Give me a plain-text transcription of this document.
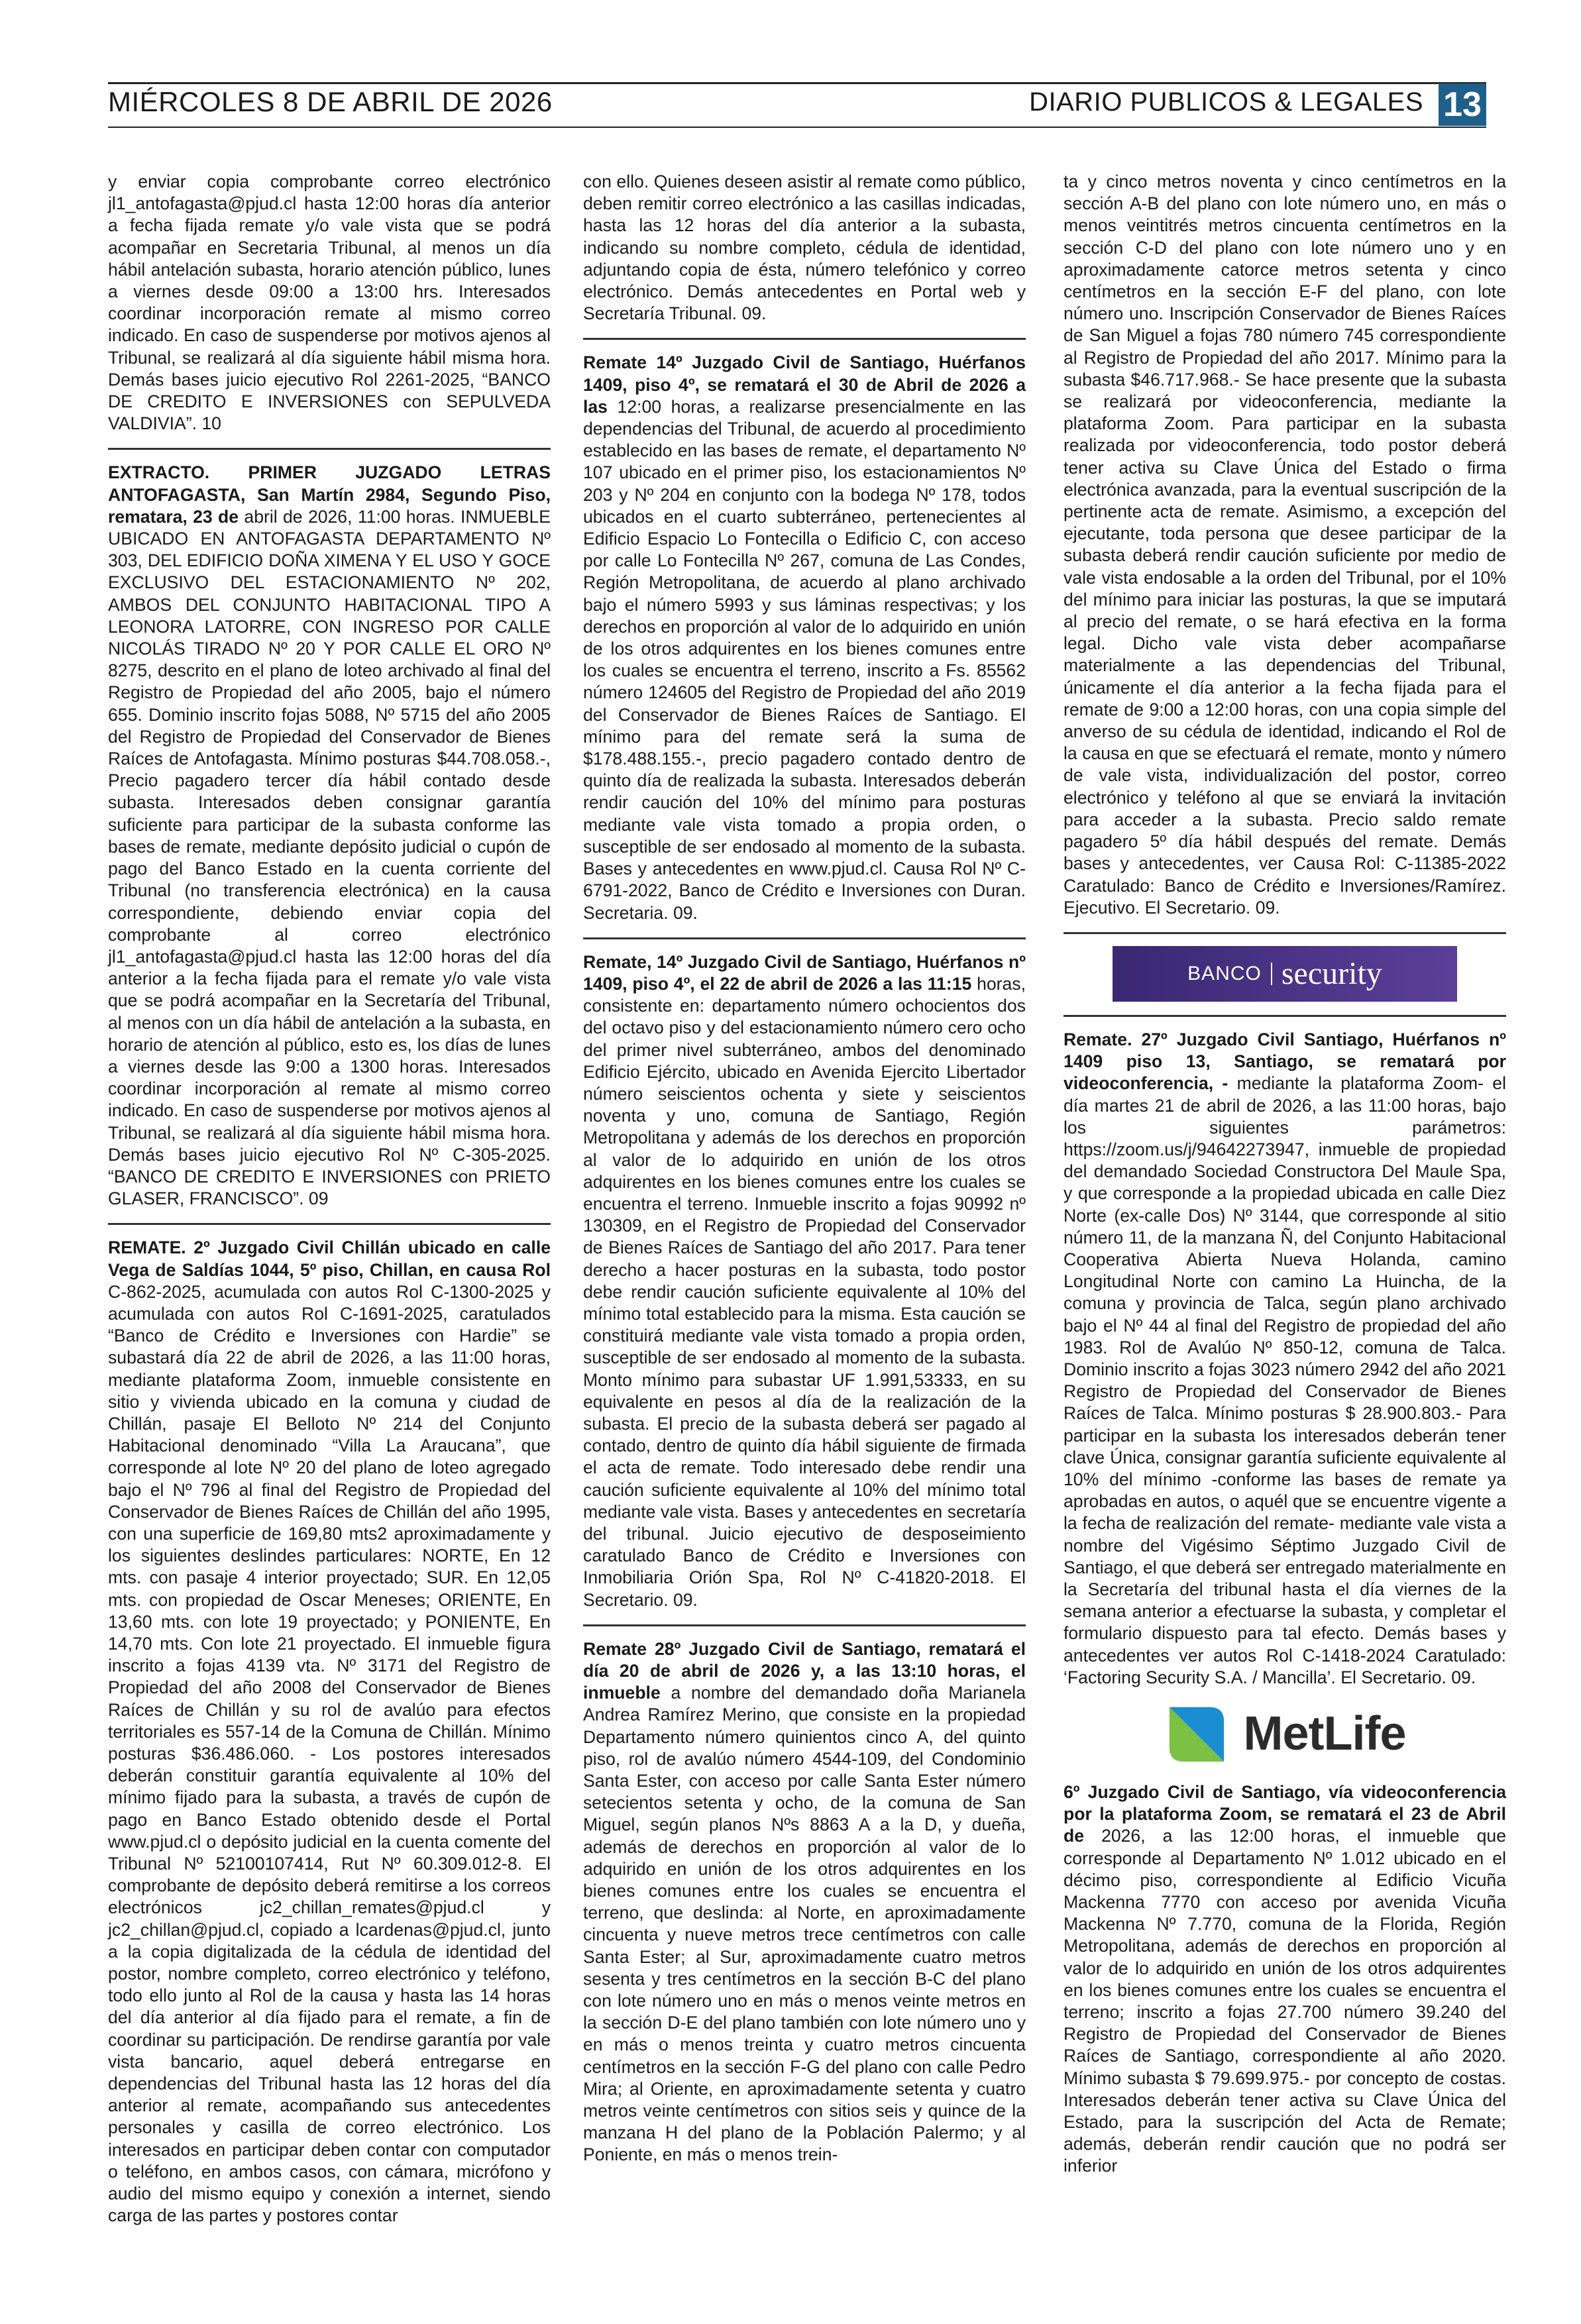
MIÉRCOLES 8 DE ABRIL DE 2026	DIARIO PUBLICOS & LEGALES 13

y enviar copia comprobante correo electrónico jl1_antofagasta@pjud.cl hasta 12:00 horas día anterior a fecha fijada remate y/o vale vista que se podrá acompañar en Secretaria Tribunal, al menos un día hábil antelación subasta, horario atención público, lunes a viernes desde 09:00 a 13:00 hrs. Interesados coordinar incorporación remate al mismo correo indicado. En caso de suspenderse por motivos ajenos al Tribunal, se realizará al día siguiente hábil misma hora. Demás bases juicio ejecutivo Rol 2261-2025, “BANCO DE CREDITO E INVERSIONES con SEPULVEDA VALDIVIA”. 10

EXTRACTO. PRIMER JUZGADO LETRAS ANTOFAGASTA, San Martín 2984, Segundo Piso, rematara, 23 de abril de 2026, 11:00 horas. INMUEBLE UBICADO EN ANTOFAGASTA DEPARTAMENTO Nº 303, DEL EDIFICIO DOÑA XIMENA Y EL USO Y GOCE EXCLUSIVO DEL ESTACIONAMIENTO Nº 202, AMBOS DEL CONJUNTO HABITACIONAL TIPO A LEONORA LATORRE, CON INGRESO POR CALLE NICOLÁS TIRADO Nº 20 Y POR CALLE EL ORO Nº 8275, descrito en el plano de loteo archivado al final del Registro de Propiedad del año 2005, bajo el número 655. Dominio inscrito fojas 5088, Nº 5715 del año 2005 del Registro de Propiedad del Conservador de Bienes Raíces de Antofagasta. Mínimo posturas $44.708.058.-, Precio pagadero tercer día hábil contado desde subasta. Interesados deben consignar garantía suficiente para participar de la subasta conforme las bases de remate, mediante depósito judicial o cupón de pago del Banco Estado en la cuenta corriente del Tribunal (no transferencia electrónica) en la causa correspondiente, debiendo enviar copia del comprobante al correo electrónico jl1_antofagasta@pjud.cl hasta las 12:00 horas del día anterior a la fecha fijada para el remate y/o vale vista que se podrá acompañar en la Secretaría del Tribunal, al menos con un día hábil de antelación a la subasta, en horario de atención al público, esto es, los días de lunes a viernes desde las 9:00 a 1300 horas. Interesados coordinar incorporación al remate al mismo correo indicado. En caso de suspenderse por motivos ajenos al Tribunal, se realizará al día siguiente hábil misma hora. Demás bases juicio ejecutivo Rol Nº C-305-2025. “BANCO DE CREDITO E INVERSIONES con PRIETO GLASER, FRANCISCO”. 09

REMATE. 2º Juzgado Civil Chillán ubicado en calle Vega de Saldías 1044, 5º piso, Chillan, en causa Rol C-862-2025, acumulada con autos Rol C-1300-2025 y acumulada con autos Rol C-1691-2025, caratulados “Banco de Crédito e Inversiones con Hardie” se subastará día 22 de abril de 2026, a las 11:00 horas, mediante plataforma Zoom, inmueble consistente en sitio y vivienda ubicado en la comuna y ciudad de Chillán, pasaje El Belloto Nº 214 del Conjunto Habitacional denominado “Villa La Araucana”, que corresponde al lote Nº 20 del plano de loteo agregado bajo el Nº 796 al final del Registro de Propiedad del Conservador de Bienes Raíces de Chillán del año 1995, con una superficie de 169,80 mts2 aproximadamente y los siguientes deslindes particulares: NORTE, En 12 mts. con pasaje 4 interior proyectado; SUR. En 12,05 mts. con propiedad de Oscar Meneses; ORIENTE, En 13,60 mts. con lote 19 proyectado; y PONIENTE, En 14,70 mts. Con lote 21 proyectado. El inmueble figura inscrito a fojas 4139 vta. Nº 3171 del Registro de Propiedad del año 2008 del Conservador de Bienes Raíces de Chillán y su rol de avalúo para efectos territoriales es 557-14 de la Comuna de Chillán. Mínimo posturas $36.486.060. - Los postores interesados deberán constituir garantía equivalente al 10% del mínimo fijado para la subasta, a través de cupón de pago en Banco Estado obtenido desde el Portal www.pjud.cl o depósito judicial en la cuenta comente del Tribunal Nº 52100107414, Rut Nº 60.309.012-8. El comprobante de depósito deberá remitirse a los correos electrónicos jc2_chillan_remates@pjud.cl y jc2_chillan@pjud.cl, copiado a lcardenas@pjud.cl, junto a la copia digitalizada de la cédula de identidad del postor, nombre completo, correo electrónico y teléfono, todo ello junto al Rol de la causa y hasta las 14 horas del día anterior al día fijado para el remate, a fin de coordinar su participación. De rendirse garantía por vale vista bancario, aquel deberá entregarse en dependencias del Tribunal hasta las 12 horas del día anterior al remate, acompañando sus antecedentes personales y casilla de correo electrónico. Los interesados en participar deben contar con computador o teléfono, en ambos casos, con cámara, micrófono y audio del mismo equipo y conexión a internet, siendo carga de las partes y postores contar

con ello. Quienes deseen asistir al remate como público, deben remitir correo electrónico a las casillas indicadas, hasta las 12 horas del día anterior a la subasta, indicando su nombre completo, cédula de identidad, adjuntando copia de ésta, número telefónico y correo electrónico. Demás antecedentes en Portal web y Secretaría Tribunal. 09.

Remate 14º Juzgado Civil de Santiago, Huérfanos 1409, piso 4º, se rematará el 30 de Abril de 2026 a las 12:00 horas, a realizarse presencialmente en las dependencias del Tribunal, de acuerdo al procedimiento establecido en las bases de remate, el departamento Nº 107 ubicado en el primer piso, los estacionamientos Nº 203 y Nº 204 en conjunto con la bodega Nº 178, todos ubicados en el cuarto subterráneo, pertenecientes al Edificio Espacio Lo Fontecilla o Edificio C, con acceso por calle Lo Fontecilla Nº 267, comuna de Las Condes, Región Metropolitana, de acuerdo al plano archivado bajo el número 5993 y sus láminas respectivas; y los derechos en proporción al valor de lo adquirido en unión de los otros adquirentes en los bienes comunes entre los cuales se encuentra el terreno, inscrito a Fs. 85562 número 124605 del Registro de Propiedad del año 2019 del Conservador de Bienes Raíces de Santiago. El mínimo para del remate será la suma de $178.488.155.-, precio pagadero contado dentro de quinto día de realizada la subasta. Interesados deberán rendir caución del 10% del mínimo para posturas mediante vale vista tomado a propia orden, o susceptible de ser endosado al momento de la subasta. Bases y antecedentes en www.pjud.cl. Causa Rol Nº C-6791-2022, Banco de Crédito e Inversiones con Duran. Secretaria. 09.

Remate, 14º Juzgado Civil de Santiago, Huérfanos nº 1409, piso 4º, el 22 de abril de 2026 a las 11:15 horas, consistente en: departamento número ochocientos dos del octavo piso y del estacionamiento número cero ocho del primer nivel subterráneo, ambos del denominado Edificio Ejército, ubicado en Avenida Ejercito Libertador número seiscientos ochenta y siete y seiscientos noventa y uno, comuna de Santiago, Región Metropolitana y además de los derechos en proporción al valor de lo adquirido en unión de los otros adquirentes en los bienes comunes entre los cuales se encuentra el terreno. Inmueble inscrito a fojas 90992 nº 130309, en el Registro de Propiedad del Conservador de Bienes Raíces de Santiago del año 2017. Para tener derecho a hacer posturas en la subasta, todo postor debe rendir caución suficiente equivalente al 10% del mínimo total establecido para la misma. Esta caución se constituirá mediante vale vista tomado a propia orden, susceptible de ser endosado al momento de la subasta. Monto mínimo para subastar UF 1.991,53333, en su equivalente en pesos al día de la realización de la subasta. El precio de la subasta deberá ser pagado al contado, dentro de quinto día hábil siguiente de firmada el acta de remate. Todo interesado debe rendir una caución suficiente equivalente al 10% del mínimo total mediante vale vista. Bases y antecedentes en secretaría del tribunal. Juicio ejecutivo de desposeimiento caratulado Banco de Crédito e Inversiones con Inmobiliaria Orión Spa, Rol Nº C-41820-2018. El Secretario. 09.

Remate 28º Juzgado Civil de Santiago, rematará el día 20 de abril de 2026 y, a las 13:10 horas, el inmueble a nombre del demandado doña Marianela Andrea Ramírez Merino, que consiste en la propiedad Departamento número quinientos cinco A, del quinto piso, rol de avalúo número 4544-109, del Condominio Santa Ester, con acceso por calle Santa Ester número setecientos setenta y ocho, de la comuna de San Miguel, según planos Nºs 8863 A a la D, y dueña, además de derechos en proporción al valor de lo adquirido en unión de los otros adquirentes en los bienes comunes entre los cuales se encuentra el terreno, que deslinda: al Norte, en aproximadamente cincuenta y nueve metros trece centímetros con calle Santa Ester; al Sur, aproximadamente cuatro metros sesenta y tres centímetros en la sección B-C del plano con lote número uno en más o menos veinte metros en la sección D-E del plano también con lote número uno y en más o menos treinta y cuatro metros cincuenta centímetros en la sección F-G del plano con calle Pedro Mira; al Oriente, en aproximadamente setenta y cuatro metros veinte centímetros con sitios seis y quince de la manzana H del plano de la Población Palermo; y al Poniente, en más o menos trein-

ta y cinco metros noventa y cinco centímetros en la sección A-B del plano con lote número uno, en más o menos veintitrés metros cincuenta centímetros en la sección C-D del plano con lote número uno y en aproximadamente catorce metros setenta y cinco centímetros en la sección E-F del plano, con lote número uno. Inscripción Conservador de Bienes Raíces de San Miguel a fojas 780 número 745 correspondiente al Registro de Propiedad del año 2017. Mínimo para la subasta $46.717.968.- Se hace presente que la subasta se realizará por videoconferencia, mediante la plataforma Zoom. Para participar en la subasta realizada por videoconferencia, todo postor deberá tener activa su Clave Única del Estado o firma electrónica avanzada, para la eventual suscripción de la pertinente acta de remate. Asimismo, a excepción del ejecutante, toda persona que desee participar de la subasta deberá rendir caución suficiente por medio de vale vista endosable a la orden del Tribunal, por el 10% del mínimo para iniciar las posturas, la que se imputará al precio del remate, o se hará efectiva en la forma legal. Dicho vale vista deber acompañarse materialmente a las dependencias del Tribunal, únicamente el día anterior a la fecha fijada para el remate de 9:00 a 12:00 horas, con una copia simple del anverso de su cédula de identidad, indicando el Rol de la causa en que se efectuará el remate, monto y número de vale vista, individualización del postor, correo electrónico y teléfono al que se enviará la invitación para acceder a la subasta. Precio saldo remate pagadero 5º día hábil después del remate. Demás bases y antecedentes, ver Causa Rol: C-11385-2022 Caratulado: Banco de Crédito e Inversiones/Ramírez. Ejecutivo. El Secretario. 09.

BANCO security

Remate. 27º Juzgado Civil Santiago, Huérfanos nº 1409 piso 13, Santiago, se rematará por videoconferencia, - mediante la plataforma Zoom- el día martes 21 de abril de 2026, a las 11:00 horas, bajo los siguientes parámetros: https://zoom.us/j/94642273947, inmueble de propiedad del demandado Sociedad Constructora Del Maule Spa, y que corresponde a la propiedad ubicada en calle Diez Norte (ex-calle Dos) Nº 3144, que corresponde al sitio número 11, de la manzana Ñ, del Conjunto Habitacional Cooperativa Abierta Nueva Holanda, camino Longitudinal Norte con camino La Huincha, de la comuna y provincia de Talca, según plano archivado bajo el Nº 44 al final del Registro de propiedad del año 1983. Rol de Avalúo Nº 850-12, comuna de Talca. Dominio inscrito a fojas 3023 número 2942 del año 2021 Registro de Propiedad del Conservador de Bienes Raíces de Talca. Mínimo posturas $ 28.900.803.- Para participar en la subasta los interesados deberán tener clave Única, consignar garantía suficiente equivalente al 10% del mínimo -conforme las bases de remate ya aprobadas en autos, o aquél que se encuentre vigente a la fecha de realización del remate- mediante vale vista a nombre del Vigésimo Séptimo Juzgado Civil de Santiago, el que deberá ser entregado materialmente en la Secretaría del tribunal hasta el día viernes de la semana anterior a efectuarse la subasta, y completar el formulario dispuesto para tal efecto. Demás bases y antecedentes ver autos Rol C-1418-2024 Caratulado: ‘Factoring Security S.A. / Mancilla’. El Secretario. 09.

MetLife

6º Juzgado Civil de Santiago, vía videoconferencia por la plataforma Zoom, se rematará el 23 de Abril de 2026, a las 12:00 horas, el inmueble que corresponde al Departamento Nº 1.012 ubicado en el décimo piso, correspondiente al Edificio Vicuña Mackenna 7770 con acceso por avenida Vicuña Mackenna Nº 7.770, comuna de la Florida, Región Metropolitana, además de derechos en proporción al valor de lo adquirido en unión de los otros adquirentes en los bienes comunes entre los cuales se encuentra el terreno; inscrito a fojas 27.700 número 39.240 del Registro de Propiedad del Conservador de Bienes Raíces de Santiago, correspondiente al año 2020. Mínimo subasta $ 79.699.975.- por concepto de costas. Interesados deberán tener activa su Clave Única del Estado, para la suscripción del Acta de Remate; además, deberán rendir caución que no podrá ser inferior
